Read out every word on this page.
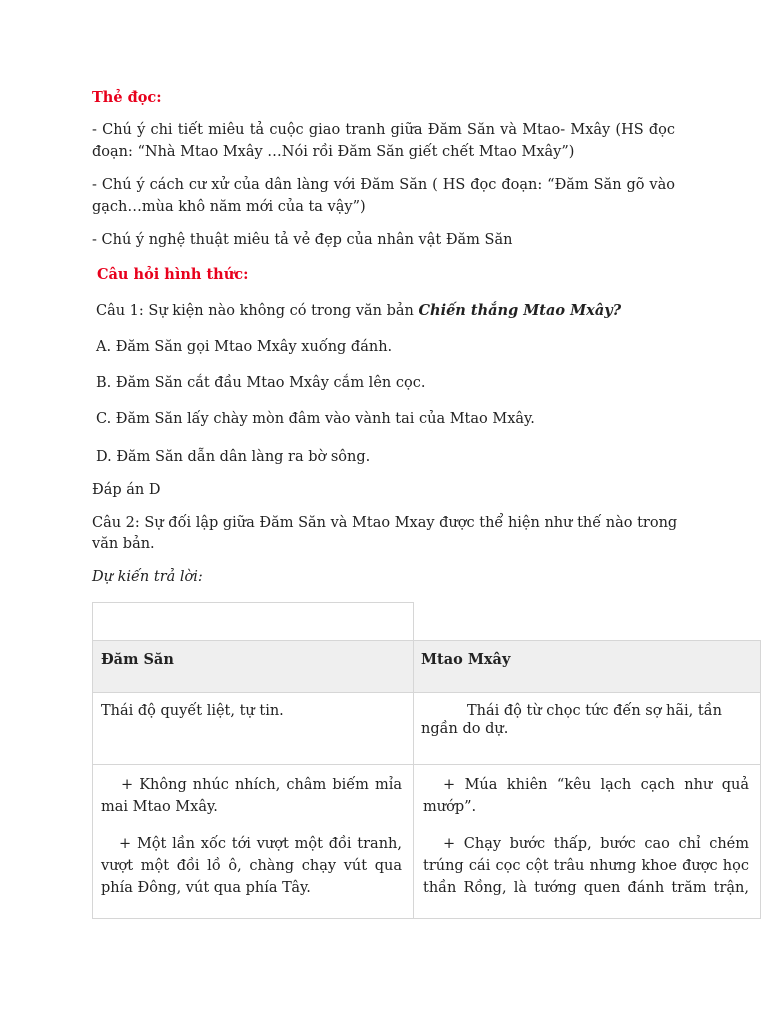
Thẻ đọc:

- Chú ý chi tiết miêu tả cuộc giao tranh giữa Đăm Săn và Mtao- Mxây (HS đọc

đoạn: “Nhà Mtao Mxây …Nói rồi Đăm Săn giết chết Mtao Mxây”)

- Chú ý cách cư xử của dân làng với Đăm Săn ( HS đọc đoạn: “Đăm Săn gõ vào

gạch…mùa khô năm mới của ta vậy”)

- Chú ý nghệ thuật miêu tả vẻ đẹp của nhân vật Đăm Săn

Câu hỏi hình thức:

Câu 1: Sự kiện nào không có trong văn bản Chiến thắng Mtao Mxây?

A. Đăm Săn gọi Mtao Mxây xuống đánh.

B. Đăm Săn cắt đầu Mtao Mxây cắm lên cọc.

C. Đăm Săn lấy chày mòn đâm vào vành tai của Mtao Mxây.

D. Đăm Săn dẫn dân làng ra bờ sông.

Đáp án D

Câu 2: Sự đối lập giữa Đăm Săn và Mtao Mxay được thể hiện như thế nào trong

văn bản.

Dự kiến trả lời:

Đăm Săn	Mtao Mxây

Thái độ quyết liệt, tự tin.	Thái độ từ chọc tức đến sợ hãi, tần

ngần do dự.

+ Không nhúc nhích, châm biếm mỉa

mai Mtao Mxây.

+ Một lần xốc tới vượt một đồi tranh,

vượt một đồi lồ ô, chàng chạy vút qua

phía Đông, vút qua phía Tây.

+ Múa khiên “kêu lạch cạch như quả

mướp”.

+ Chạy bước thấp, bước cao chỉ chém

trúng cái cọc cột trâu nhưng khoe được học

thần Rồng, là tướng quen đánh trăm trận,
